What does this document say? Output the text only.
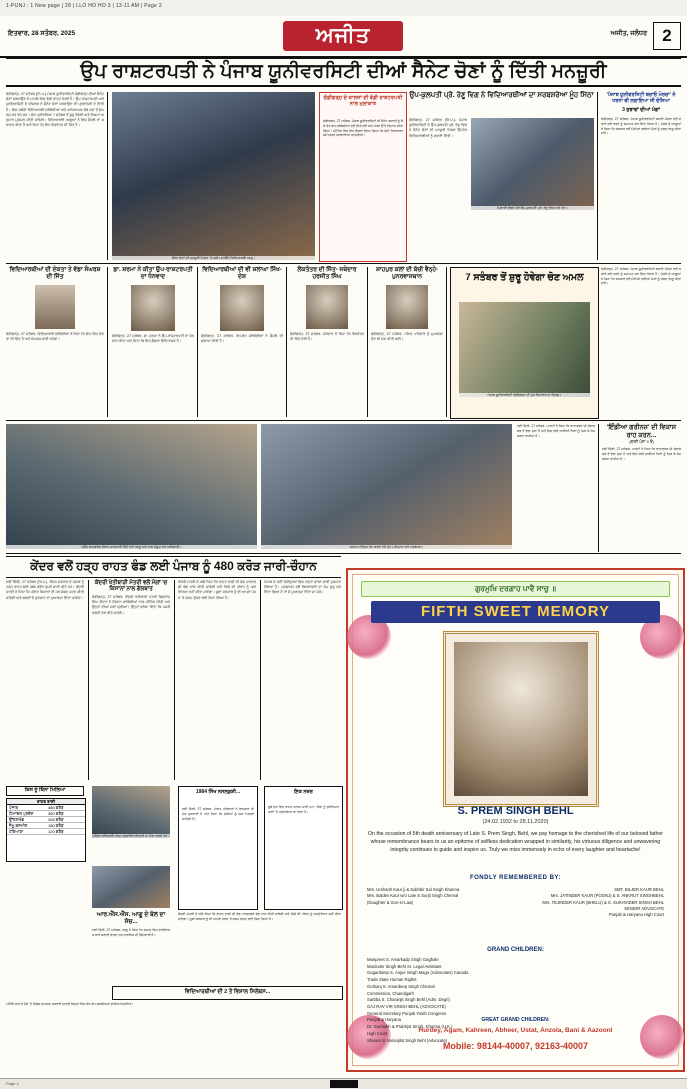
1-PUNJ : 1 New page | 28 | LLO HO HO 3 | 13-11 AM | Page 2
ਇਤਵਾਰ, 28 ਸਤੰਬਰ, 2025	ਅਜੀਤ	ਅਜੀਤ, ਜਲੰਧਰ 2
ਉਪ ਰਾਸ਼ਟਰਪਤੀ ਨੇ ਪੰਜਾਬ ਯੂਨੀਵਰਸਿਟੀ ਦੀਆਂ ਸੈਨੇਟ ਚੋਣਾਂ ਨੂੰ ਦਿੱਤੀ ਮਨਜ਼ੂਰੀ
ਚੰਡੀਗੜ੍ਹ, 27 ਸਤੰਬਰ (ਨਿ.ਪ.)-ਪੰਜਾਬ ਯੂਨੀਵਰਸਿਟੀ ਚੰਡੀਗੜ੍ਹ ਦੀਆਂ ਸੈਨੇਟ ਚੋਣਾਂ ਕਰਵਾਉਣ ਦੇ ਮਾਮਲੇ ਵਿਚ ਵੱਡੀ ਰਾਹਤ ਮਿਲੀ ਹੈ। ਉਪ ਰਾਸ਼ਟਰਪਤੀ ਅਤੇ ਯੂਨੀਵਰਸਿਟੀ ਦੇ ਚਾਂਸਲਰ ਨੇ ਸੈਨੇਟ ਚੋਣਾਂ ਕਰਵਾਉਣ ਦੀ ਪ੍ਰਵਾਨਗੀ ਦੇ ਦਿੱਤੀ ਹੈ। ਇਸ ਸਬੰਧੀ ਵਿਦਿਆਰਥੀ ਜਥੇਬੰਦੀਆਂ ਅਤੇ ਅਧਿਆਪਕ ਲੰਬੇ ਸਮੇਂ ਤੋਂ ਸੰਘਰਸ਼ ਕਰ ਰਹੇ ਸਨ। ਚੋਣ ਪ੍ਰਕਿਰਿਆ 7 ਸਤੰਬਰ ਤੋਂ ਸ਼ੁਰੂ ਹੋਵੇਗੀ ਅਤੇ ਨਿਯਮਾਂ ਅਨੁਸਾਰ ਮੁਕੰਮਲ ਕੀਤੀ ਜਾਵੇਗੀ। ਵਿਦਿਆਰਥੀ ਆਗੂਆਂ ਨੇ ਇਸ ਫ਼ੈਸਲੇ ਦਾ ਸਵਾਗਤ ਕੀਤਾ ਹੈ ਅਤੇ ਕਿਹਾ ਕਿ ਇਹ ਲੋਕਤੰਤਰ ਦੀ ਜਿੱਤ ਹੈ।
ਸੈਨੇਟ ਚੋਣਾਂ ਦੀ ਮਨਜ਼ੂਰੀ ਮਿਲਣ 'ਤੇ ਖੁਸ਼ੀ ਮਨਾਉਂਦੇ ਵਿਦਿਆਰਥੀ ਆਗੂ।
ਚੰਡੀਗੜ੍ਹ ਦੇ ਕਾਲਜਾਂ ਦੀ ਵੱਡੀ ਰਾਸ਼ਟਰਪਤੀ ਨਾਲ ਮੁਲਾਕਾਤ
ਚੰਡੀਗੜ੍ਹ, 27 ਸਤੰਬਰ- ਪੰਜਾਬ ਯੂਨੀਵਰਸਿਟੀ ਦੀ ਸੈਨੇਟ ਬਹਾਲੀ ਨੂੰ ਲੈ ਕੇ ਵੱਖ-ਵੱਖ ਜਥੇਬੰਦੀਆਂ ਵਲੋਂ ਦਿੱਤੇ ਗਏ ਮੰਗ ਪੱਤਰ ਉੱਤੇ ਵਿਚਾਰ ਕੀਤਾ ਗਿਆ। ਮੀਟਿੰਗ ਵਿਚ ਇਹ ਫ਼ੈਸਲਾ ਲਿਆ ਗਿਆ ਕਿ ਚੋਣਾਂ ਨਿਰਧਾਰਤ ਸਮੇਂ ਅੰਦਰ ਕਰਵਾਈਆਂ ਜਾਣਗੀਆਂ।
ਉਪ-ਕੁਲਪਤੀ ਪ੍ਰੋ. ਰੇਣੂ ਵਿਗ ਨੇ ਵਿਦਿਆਰਥੀਆਂ ਦਾ ਸਰਬਸ਼ਰੇਆ ਮੂੰਹ ਮਿੱਠਾ
ਚੰਡੀਗੜ੍ਹ, 27 ਸਤੰਬਰ (ਨਿ.ਪ.)- ਪੰਜਾਬ ਯੂਨੀਵਰਸਿਟੀ ਦੇ ਉਪ-ਕੁਲਪਤੀ ਪ੍ਰੋ. ਰੇਣੂ ਵਿਗ ਨੇ ਸੈਨੇਟ ਚੋਣਾਂ ਦੀ ਮਨਜ਼ੂਰੀ ਮਿਲਣ ਉਪਰੰਤ ਵਿਦਿਆਰਥੀਆਂ ਨੂੰ ਵਧਾਈ ਦਿੱਤੀ।
ਮਿਠਾਈ ਵੰਡਦੇ ਹੋਏ ਉਪ-ਕੁਲਪਤੀ ਪ੍ਰੋ. ਰੇਣੂ ਵਿਗ ਅਤੇ ਹੋਰ।
'ਪੰਜਾਬ ਯੂਨੀਵਰਸਿਟੀ ਬਚਾਓ ਮੋਰਚਾ' ਨੇ ਧਰਨਾ ਵੀ ਲਗਾਇਆ ਸੀ ਦੱਸਿਆ
3 ਸੁਝਾਵਾਂ ਦੀਆਂ ਮੰਗਾਂ
ਚੰਡੀਗੜ੍ਹ, 27 ਸਤੰਬਰ- ਪੰਜਾਬ ਯੂਨੀਵਰਸਿਟੀ ਬਚਾਓ ਮੋਰਚਾ ਵਲੋਂ ਲਗਾਏ ਗਏ ਧਰਨੇ ਨੂੰ ਸਮਾਪਤ ਕਰ ਦਿੱਤਾ ਗਿਆ ਹੈ। ਮੋਰਚੇ ਦੇ ਆਗੂਆਂ ਨੇ ਕਿਹਾ ਕਿ ਸਰਕਾਰ ਵਲੋਂ ਮੰਨੀਆਂ ਗਈਆਂ ਮੰਗਾਂ ਨੂੰ ਜਲਦ ਲਾਗੂ ਕੀਤਾ ਜਾਵੇ।
ਵਿਦਿਆਰਥੀਆਂ ਦੀ ਏਕਤਾ ਤੇ ਵੱਡਾ ਸੰਘਰਸ਼ ਦੀ ਜਿੱਤ
ਚੰਡੀਗੜ੍ਹ, 27 ਸਤੰਬਰ- ਵਿਦਿਆਰਥੀ ਜਥੇਬੰਦੀਆਂ ਨੇ ਕਿਹਾ ਕਿ ਇਹ ਜਿੱਤ ਏਕਤਾ ਦੀ ਜਿੱਤ ਹੈ ਅਤੇ ਸੰਘਰਸ਼ ਜਾਰੀ ਰਹੇਗਾ।
ਡਾ. ਸ਼ਰਮਾ ਨੇ ਕੀਤਾ ਉਪ-ਰਾਸ਼ਟਰਪਤੀ ਦਾ ਧੰਨਵਾਦ
ਚੰਡੀਗੜ੍ਹ, 27 ਸਤੰਬਰ- ਡਾ. ਸ਼ਰਮਾ ਨੇ ਉਪ-ਰਾਸ਼ਟਰਪਤੀ ਦਾ ਧੰਨਵਾਦ ਕੀਤਾ ਅਤੇ ਕਿਹਾ ਕਿ ਇਹ ਫ਼ੈਸਲਾ ਇਤਿਹਾਸਕ ਹੈ।
ਵਿਦਿਆਰਥੀਆਂ ਦੀ ਵੀ ਸ਼ਲਾਘਾ ਸਿੱਖ-ਦੇਸ਼
ਚੰਡੀਗੜ੍ਹ, 27 ਸਤੰਬਰ- ਵੱਖ-ਵੱਖ ਜਥੇਬੰਦੀਆਂ ਨੇ ਫ਼ੈਸਲੇ ਦੀ ਸ਼ਲਾਘਾ ਕੀਤੀ ਹੈ।
ਲੋਕਤੰਤਰ ਦੀ ਜਿੱਤ- ਜਥੇਦਾਰ ਹਰਜੀਤ ਸਿੰਘ
ਚੰਡੀਗੜ੍ਹ, 27 ਸਤੰਬਰ- ਜਥੇਦਾਰ ਨੇ ਕਿਹਾ ਕਿ ਲੋਕਤੰਤਰ ਦੀ ਜਿੱਤ ਹੋਈ ਹੈ।
ਸ਼ਾਹਪੁਰ ਕਲਾਂ ਦੀ ਬੱਚੀ ਵੈਨ੍ਹੇ-ਪੁਨਰਵਾਸਥਾਨ
ਚੰਡੀਗੜ੍ਹ, 27 ਸਤੰਬਰ- ਪੀੜਤ ਪਰਿਵਾਰ ਨੂੰ ਮੁਆਵਜ਼ਾ ਦੇਣ ਦੀ ਮੰਗ ਕੀਤੀ ਗਈ।
7 ਸਤੰਬਰ ਤੋਂ ਸ਼ੁਰੂ ਹੋਵੇਗਾ ਚੋਣ ਅਮਲ
ਪੰਜਾਬ ਯੂਨੀਵਰਸਿਟੀ ਚੰਡੀਗੜ੍ਹ ਦੀ ਮੁੱਖ ਇਮਾਰਤ ਦਾ ਦ੍ਰਿਸ਼।
ਚੰਡੀਗੜ੍ਹ, 27 ਸਤੰਬਰ- ਪੰਜਾਬ ਯੂਨੀਵਰਸਿਟੀ ਬਚਾਓ ਮੋਰਚਾ ਵਲੋਂ ਲਗਾਏ ਗਏ ਧਰਨੇ ਨੂੰ ਸਮਾਪਤ ਕਰ ਦਿੱਤਾ ਗਿਆ ਹੈ। ਮੋਰਚੇ ਦੇ ਆਗੂਆਂ ਨੇ ਕਿਹਾ ਕਿ ਸਰਕਾਰ ਵਲੋਂ ਮੰਨੀਆਂ ਗਈਆਂ ਮੰਗਾਂ ਨੂੰ ਜਲਦ ਲਾਗੂ ਕੀਤਾ ਜਾਵੇ।
ਪ੍ਰੈੱਸ ਕਾਨਫ਼ਰੰਸ ਦੌਰਾਨ ਜਾਣਕਾਰੀ ਦਿੰਦੇ ਹੋਏ ਆਗੂ ਅਤੇ ਨਾਲ ਮੌਜੂਦ ਹੋਰ ਅਧਿਕਾਰੀ।	ਸਨਮਾਨ ਚਿੰਨ੍ਹ ਭੇਟ ਕਰਦੇ ਹੋਏ ਮੁੱਖ ਮਹਿਮਾਨ ਅਤੇ ਪ੍ਰਬੰਧਕ।
ਨਵੀਂ ਦਿੱਲੀ, 27 ਸਤੰਬਰ- ਪਾਰਟੀ ਨੇ ਕਿਹਾ ਕਿ ਵਾਤਾਵਰਨ ਦੀ ਸੰਭਾਲ ਸਭ ਤੋਂ ਵੱਡਾ ਮੁੱਦਾ ਹੈ ਅਤੇ ਇਸ ਲਈ ਸਾਰੀਆਂ ਧਿਰਾਂ ਨੂੰ ਮਿਲ ਕੇ ਕੰਮ ਕਰਨਾ ਚਾਹੀਦਾ ਹੈ।
'ਇੰਡੀਆ ਗਰੀਨਜ਼' ਦੀ ਵਿਕਾਸ ਰਾਹ ਕਰਨ...
(ਬਾਕੀ ਪੰਨਾ 9 ਤੋਂ)
ਨਵੀਂ ਦਿੱਲੀ, 27 ਸਤੰਬਰ- ਪਾਰਟੀ ਨੇ ਕਿਹਾ ਕਿ ਵਾਤਾਵਰਨ ਦੀ ਸੰਭਾਲ ਸਭ ਤੋਂ ਵੱਡਾ ਮੁੱਦਾ ਹੈ ਅਤੇ ਇਸ ਲਈ ਸਾਰੀਆਂ ਧਿਰਾਂ ਨੂੰ ਮਿਲ ਕੇ ਕੰਮ ਕਰਨਾ ਚਾਹੀਦਾ ਹੈ।
ਕੇਂਦਰ ਵਲੋਂ ਹੜ੍ਹ ਰਾਹਤ ਫੰਡ ਲਈ ਪੰਜਾਬ ਨੂੰ 480 ਕਰੋੜ ਜਾਰੀ-ਚੌਹਾਨ
ਨਵੀਂ ਦਿੱਲੀ, 27 ਸਤੰਬਰ (ਨਿ.ਪ.)- ਕੇਂਦਰ ਸਰਕਾਰ ਨੇ ਪੰਜਾਬ ਨੂੰ ਹੜ੍ਹ ਰਾਹਤ ਲਈ 480 ਕਰੋੜ ਰੁਪਏ ਜਾਰੀ ਕੀਤੇ ਹਨ। ਕੇਂਦਰੀ ਮੰਤਰੀ ਨੇ ਕਿਹਾ ਕਿ ਪੀੜਤ ਕਿਸਾਨਾਂ ਦੀ ਹਰ ਸੰਭਵ ਮਦਦ ਕੀਤੀ ਜਾਵੇਗੀ ਅਤੇ ਫ਼ਸਲਾਂ ਦੇ ਨੁਕਸਾਨ ਦਾ ਮੁਆਵਜ਼ਾ ਦਿੱਤਾ ਜਾਵੇਗਾ।
ਕੇਂਦਰੀ ਖੇਤੀਬਾੜੀ ਮੰਤਰੀ ਵਲੋਂ ਮੰਗਾਂ 'ਚ ਕਿਸਾਨਾਂ ਨਾਲ ਗੱਲਬਾਤ
ਚੰਡੀਗੜ੍ਹ, 27 ਸਤੰਬਰ- ਕੇਂਦਰੀ ਖੇਤੀਬਾੜੀ ਮੰਤਰੀ ਸ਼ਿਵਰਾਜ ਸਿੰਘ ਚੌਹਾਨ ਨੇ ਕਿਸਾਨ ਜਥੇਬੰਦੀਆਂ ਨਾਲ ਮੀਟਿੰਗ ਕੀਤੀ ਅਤੇ ਉਨ੍ਹਾਂ ਦੀਆਂ ਮੰਗਾਂ ਸੁਣੀਆਂ। ਉਨ੍ਹਾਂ ਭਰੋਸਾ ਦਿੱਤਾ ਕਿ ਮਸਲੇ ਜਲਦੀ ਹੱਲ ਕੀਤੇ ਜਾਣਗੇ।
ਕੇਂਦਰੀ ਮੰਤਰੀ ਨੇ ਅੱਗੇ ਕਿਹਾ ਕਿ ਰਾਹਤ ਰਾਸ਼ੀ ਦੀ ਵੰਡ ਪਾਰਦਰਸ਼ੀ ਢੰਗ ਨਾਲ ਕੀਤੀ ਜਾਵੇਗੀ ਅਤੇ ਕਿਸੇ ਵੀ ਪੀੜਤ ਨੂੰ ਅਣਦੇਖਿਆ ਨਹੀਂ ਕੀਤਾ ਜਾਵੇਗਾ। ਸੂਬਾ ਸਰਕਾਰ ਨੂੰ ਵੀ ਆਪਣੇ ਪੱਧਰ 'ਤੇ ਕਦਮ ਚੁੱਕਣ ਲਈ ਕਿਹਾ ਗਿਆ ਹੈ।
ਪੰਜਾਬ ਦੇ ਕਈ ਜ਼ਿਲ੍ਹਿਆਂ ਵਿਚ ਹੜ੍ਹਾਂ ਕਾਰਨ ਭਾਰੀ ਨੁਕਸਾਨ ਹੋਇਆ ਹੈ। ਪ੍ਰਸ਼ਾਸਨ ਵਲੋਂ ਗਿਰਦਾਵਰੀ ਦਾ ਕੰਮ ਸ਼ੁਰੂ ਕਰ ਦਿੱਤਾ ਗਿਆ ਹੈ ਤਾਂ ਜੋ ਮੁਆਵਜ਼ਾ ਦਿੱਤਾ ਜਾ ਸਕੇ।
ਕਿਸ ਨੂੰ ਕਿੰਨਾ ਮਿਲਿਆ
ਰਾਹਤ ਰਾਸ਼ੀ
ਪੰਜਾਬ	480 ਕਰੋੜ
ਹਿਮਾਚਲ ਪ੍ਰਦੇਸ਼	360 ਕਰੋੜ
ਉੱਤਰਾਖੰਡ	265 ਕਰੋੜ
ਜੰਮੂ-ਕਸ਼ਮੀਰ	180 ਕਰੋੜ
ਹਰਿਆਣਾ	120 ਕਰੋੜ
ਪੁਲਿਸ ਅਧਿਕਾਰੀ ਹੜ੍ਹ ਪ੍ਰਭਾਵਿਤ ਇਲਾਕੇ ਦਾ ਦੌਰਾ ਕਰਦੇ ਹੋਏ।
ਆਰ.ਐੱਸ.ਐੱਸ. ਆਗੂ ਦੇ ਬੋਲ ਦਾ ਸੱਚ...
ਨਵੀਂ ਦਿੱਲੀ, 27 ਸਤੰਬਰ- ਆਗੂ ਨੇ ਕਿਹਾ ਕਿ ਸਮਾਜ ਵਿਚ ਭਾਈਚਾਰਕ ਸਾਂਝ ਬਣਾਈ ਰੱਖਣਾ ਹਰ ਨਾਗਰਿਕ ਦੀ ਜ਼ਿੰਮੇਵਾਰੀ ਹੈ।
1984 ਸਿੱਖ ਨਸਲਕੁਸ਼ੀ...
ਨਵੀਂ ਦਿੱਲੀ, 27 ਸਤੰਬਰ- ਪੀੜਤ ਪਰਿਵਾਰਾਂ ਨੇ ਇਨਸਾਫ਼ ਦੀ ਮੰਗ ਦੁਹਰਾਈ ਹੈ ਅਤੇ ਕਿਹਾ ਕਿ ਦੋਸ਼ੀਆਂ ਨੂੰ ਸਜ਼ਾ ਮਿਲਣੀ ਚਾਹੀਦੀ ਹੈ।
ਇਕ ਨਜ਼ਰ
ਸੂਬੇ ਭਰ ਵਿਚ ਰਾਹਤ ਕਾਰਜ ਜਾਰੀ ਹਨ। ਲੋਕਾਂ ਨੂੰ ਸੁਰੱਖਿਅਤ ਥਾਵਾਂ 'ਤੇ ਪਹੁੰਚਾਇਆ ਜਾ ਰਿਹਾ ਹੈ।
ਕੇਂਦਰੀ ਮੰਤਰੀ ਨੇ ਅੱਗੇ ਕਿਹਾ ਕਿ ਰਾਹਤ ਰਾਸ਼ੀ ਦੀ ਵੰਡ ਪਾਰਦਰਸ਼ੀ ਢੰਗ ਨਾਲ ਕੀਤੀ ਜਾਵੇਗੀ ਅਤੇ ਕਿਸੇ ਵੀ ਪੀੜਤ ਨੂੰ ਅਣਦੇਖਿਆ ਨਹੀਂ ਕੀਤਾ ਜਾਵੇਗਾ। ਸੂਬਾ ਸਰਕਾਰ ਨੂੰ ਵੀ ਆਪਣੇ ਪੱਧਰ 'ਤੇ ਕਦਮ ਚੁੱਕਣ ਲਈ ਕਿਹਾ ਗਿਆ ਹੈ।
ਵਿਦਿਆਰਥੀਆਂ ਦੀ 2 ਤੋਂ ਵਿਸ਼ਾਲ ਸਿਲੇਬਸ...
100ਵੇਂ ਸਾਲ ਦੇ ਮੌਕੇ 'ਤੇ ਵਿਸ਼ੇਸ਼ ਸਮਾਗਮ ਕਰਵਾਏ ਜਾਣਗੇ ਜਿਨ੍ਹਾਂ ਵਿਚ ਵੱਖ-ਵੱਖ ਸ਼ਖ਼ਸੀਅਤਾਂ ਸ਼ਾਮਿਲ ਹੋਣਗੀਆਂ।
ਗੁਰਮੁਖਿ ਦਰਗਾਹ ਪਾਵੈ ਸਾਚੁ ॥
FIFTH SWEET MEMORY
S. PREM SINGH BEHL
(24.02.1932 to 28.11.2020)
On the occasion of 5th death anniversary of Late S. Prem Singh, Behl, we pay homage to the cherished life of our beloved father whose remembrance bears to us an epitome of selfless dedication wrapped in similarity, his virtuous diligence and unwavering integrity continues to guide and inspire us. Truly we miss immensely in echo of every laughter and heartache!
FONDLY REMEMBERED BY:
Mrs. Urshanh Kaur ji & Sukhbir Sal Singh Khanna
Mrs. Baldev Kaur w/o Late S Surjit Singh Chemal
(Daughter & Son-in-Law)
SMT. BILJER KAUR BEHL
Mrs. JATINDER KAUR (POONJ) & S. ANKRUT SINGHBEHL
Mrs. TEJINDER KAUR (BHELU) & S. SUKHVIDER SINGH BEHL
SENIOR ADVOCATE
Punjab & Haryana High Court
GRAND CHILDREN:
Manpreet S. Amarkadp Singh Gaghale
Maninder Singh Behl Sr. Legal Assistant
Gaganbeep S. Anjue Singh Mago (Advocates) Canada
Trade State Human Rights
Gurkanj S. Amardeep Singh Chemal
Commission, Chandigarh
Sarbba S. Charanjit Singh Behl (Adm. Degri)
GAJ RAV VIR SINGH BEHL (ADVOCATE)
General Secretary Punjab Youth Congress
Punjab & Haryana
Dr. Gurmukh & Prabhjot Singh, Kharma (U.K.)
High Court
Shivam S. Kelanjilot Singh Behl (Advocate)
GREAT GRAND CHILDREN:
Hurdey, Agam, Kahreen, Abheer, Ustat, Anzola, Bani & Aazoonl
Mobile: 98144-40007, 92163-40007
Page 2
